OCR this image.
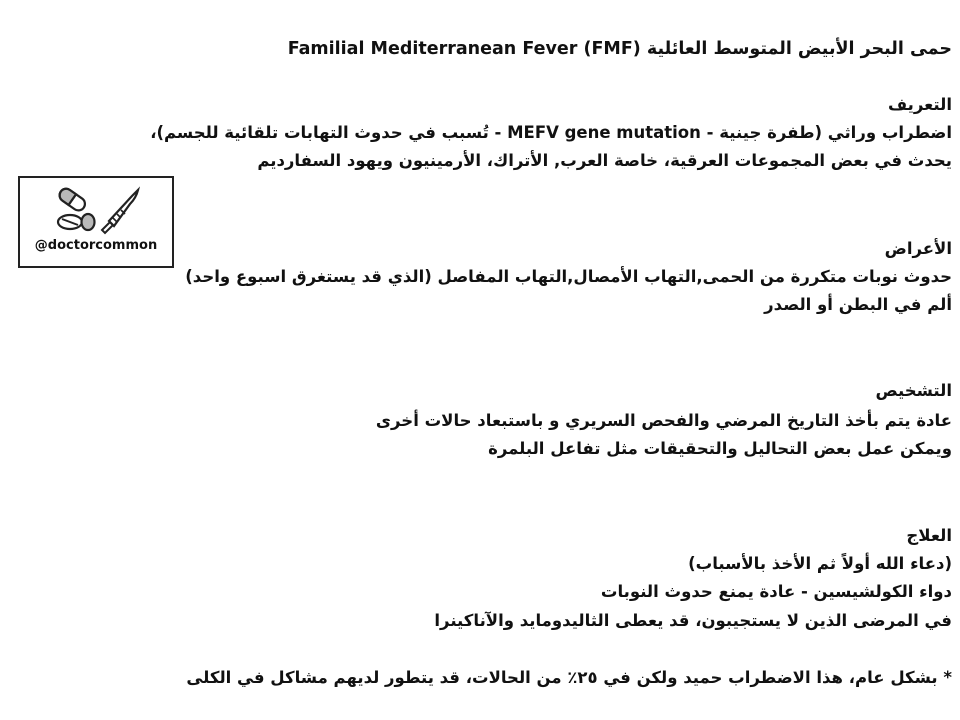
حمى البحر الأبيض المتوسط العائلية Familial Mediterranean Fever (FMF)
التعريف
اضطراب وراثي (طفرة جينية - MEFV gene mutation - تُسبب في حدوث التهابات تلقائية للجسم)،
يحدث في بعض المجموعات العرقية، خاصة العرب, الأتراك، الأرمينيون ويهود السفارديم
الأعراض
حدوث نوبات متكررة من الحمى,التهاب الأمصال,التهاب المفاصل (الذي قد يستغرق اسبوع واحد)
ألم في البطن أو الصدر
التشخيص
عادة يتم بأخذ التاريخ المرضي والفحص السريري و باستبعاد حالات أخرى
ويمكن عمل بعض التحاليل والتحقيقات مثل تفاعل البلمرة
العلاج
(دعاء الله أولاً ثم الأخذ بالأسباب)
دواء الكولشيسين - عادة يمنع حدوث النوبات
في المرضى الذين لا يستجيبون، قد يعطى الثاليدومايد والآناكينرا
* بشكل عام، هذا الاضطراب حميد ولكن في ٢٥٪ من الحالات، قد يتطور لديهم مشاكل في الكلى
@doctorcommon
